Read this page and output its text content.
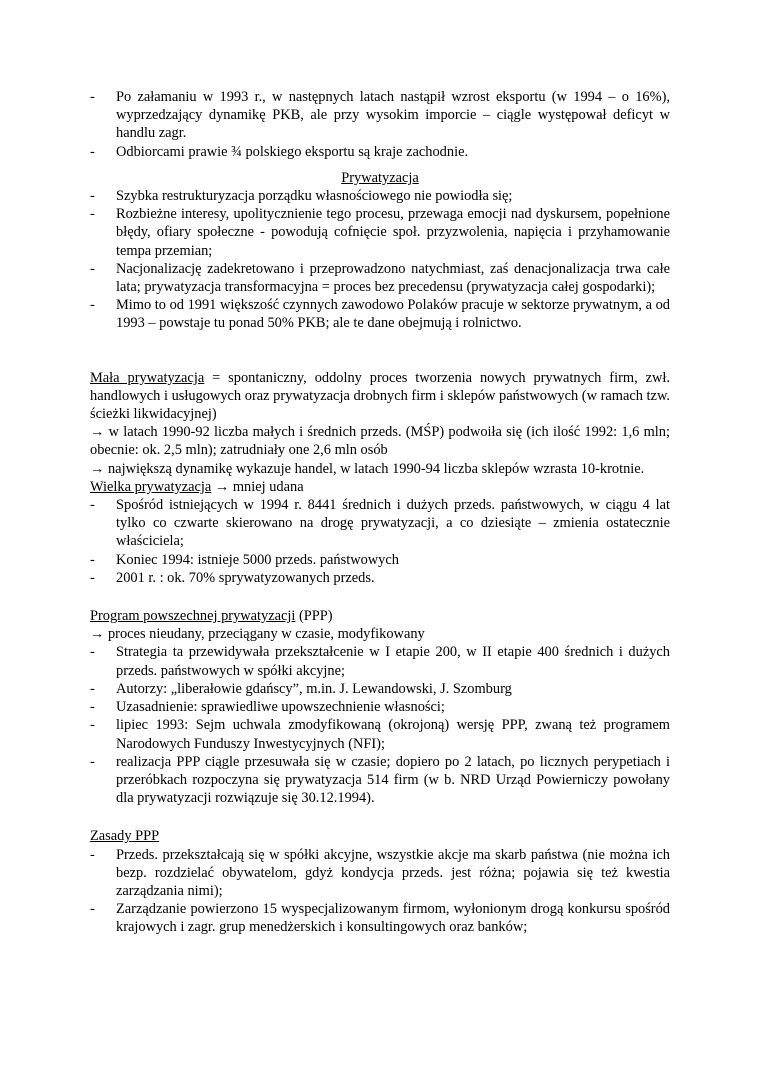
-	Po załamaniu w 1993 r., w następnych latach nastąpił wzrost eksportu (w 1994 – o 16%), wyprzedzający dynamikę PKB, ale przy wysokim imporcie – ciągle występował deficyt w handlu zagr.
-	Odbiorcami prawie ¾ polskiego eksportu są kraje zachodnie.
Prywatyzacja
-	Szybka restrukturyzacja porządku własnościowego nie powiodła się;
-	Rozbieżne interesy, upolitycznienie tego procesu, przewaga emocji nad dyskursem, popełnione błędy, ofiary społeczne - powodują cofnięcie społ. przyzwolenia, napięcia i przyhamowanie tempa przemian;
-	Nacjonalizację zadekretowano i przeprowadzono natychmiast, zaś denacjonalizacja trwa całe lata; prywatyzacja transformacyjna = proces bez precedensu (prywatyzacja całej gospodarki);
-	Mimo to od 1991 większość czynnych zawodowo Polaków pracuje w sektorze prywatnym, a od 1993 – powstaje tu ponad 50% PKB; ale te dane obejmują i rolnictwo.
Mała prywatyzacja = spontaniczny, oddolny proces tworzenia nowych prywatnych firm, zwł. handlowych i usługowych oraz prywatyzacja drobnych firm i sklepów państwowych (w ramach tzw. ścieżki likwidacyjnej)
→ w latach 1990-92 liczba małych i średnich przeds. (MŚP) podwoiła się (ich ilość 1992: 1,6 mln; obecnie: ok. 2,5 mln); zatrudniały one 2,6 mln osób
→ największą dynamikę wykazuje handel, w latach 1990-94 liczba sklepów wzrasta 10-krotnie.
Wielka prywatyzacja → mniej udana
-	Spośród istniejących w 1994 r. 8441 średnich i dużych przeds. państwowych, w ciągu 4 lat tylko co czwarte skierowano na drogę prywatyzacji, a co dziesiąte – zmienia ostatecznie właściciela;
-	Koniec 1994: istnieje 5000 przeds. państwowych
-	2001 r. : ok. 70% sprywatyzowanych przeds.
Program powszechnej prywatyzacji (PPP)
→ proces nieudany, przeciągany w czasie, modyfikowany
-	Strategia ta przewidywała przekształcenie w I etapie 200, w II etapie 400 średnich i dużych przeds. państwowych w spółki akcyjne;
-	Autorzy: „liberałowie gdańscy”, m.in. J. Lewandowski, J. Szomburg
-	Uzasadnienie: sprawiedliwe upowszechnienie własności;
-	lipiec 1993: Sejm uchwala zmodyfikowaną (okrojoną) wersję PPP, zwaną też programem Narodowych Funduszy Inwestycyjnych (NFI);
-	realizacja PPP ciągle przesuwała się w czasie; dopiero po 2 latach, po licznych perypetiach i przeróbkach rozpoczyna się prywatyzacja 514 firm (w b. NRD Urząd Powierniczy powołany dla prywatyzacji rozwiązuje się 30.12.1994).
Zasady PPP
-	Przeds. przekształcają się w spółki akcyjne, wszystkie akcje ma skarb państwa (nie można ich bezp. rozdzielać obywatelom, gdyż kondycja przeds. jest różna; pojawia się też kwestia zarządzania nimi);
-	Zarządzanie powierzono 15 wyspecjalizowanym firmom, wyłonionym drogą konkursu spośród krajowych i zagr. grup menedżerskich i konsultingowych oraz banków;
